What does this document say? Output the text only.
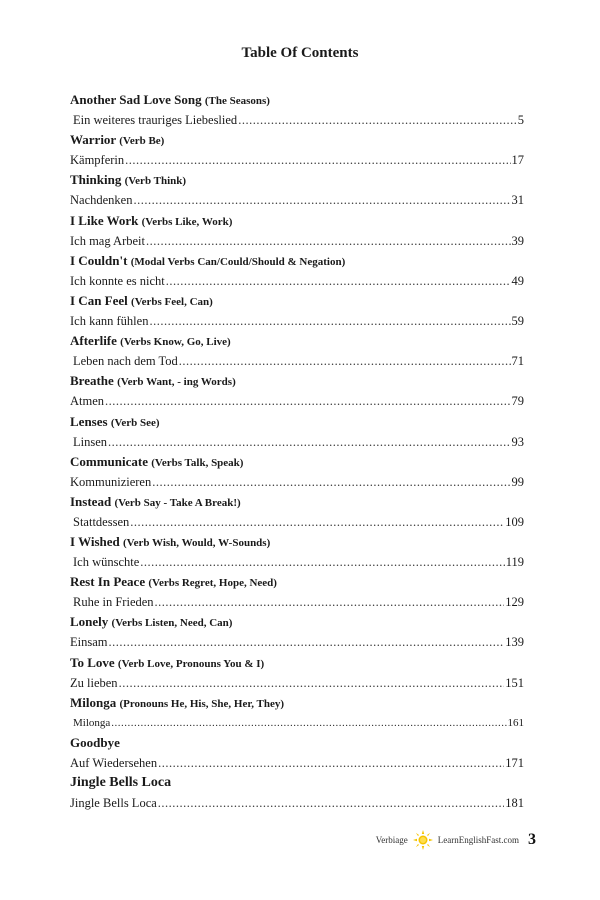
Table Of Contents
Another Sad Love Song (The Seasons)
Ein weiteres trauriges Liebeslied .....	5
Warrior (Verb Be)
Kämpferin .....	17
Thinking (Verb Think)
Nachdenken .....	31
I Like Work (Verbs Like, Work)
Ich mag Arbeit .....	39
I Couldn't (Modal Verbs Can/Could/Should & Negation)
Ich konnte es nicht .....	49
I Can Feel (Verbs Feel, Can)
Ich kann fühlen .....	59
Afterlife (Verbs Know, Go, Live)
Leben nach dem Tod .....	71
Breathe (Verb Want, - ing Words)
Atmen .....	79
Lenses (Verb See)
Linsen .....	93
Communicate (Verbs Talk, Speak)
Kommunizieren .....	99
Instead (Verb Say - Take A Break!)
Stattdessen .....	109
I Wished (Verb Wish, Would, W-Sounds)
Ich wünschte .....	119
Rest In Peace (Verbs Regret, Hope, Need)
Ruhe in Frieden .....	129
Lonely (Verbs Listen, Need, Can)
Einsam .....	139
To Love (Verb Love, Pronouns You & I)
Zu lieben .....	151
Milonga (Pronouns He, His, She, Her, They)
Milonga .....	161
Goodbye
Auf Wiedersehen .....	171
Jingle Bells Loca
Jingle Bells Loca .....	181
Verbiage	LearnEnglishFast.com 3
